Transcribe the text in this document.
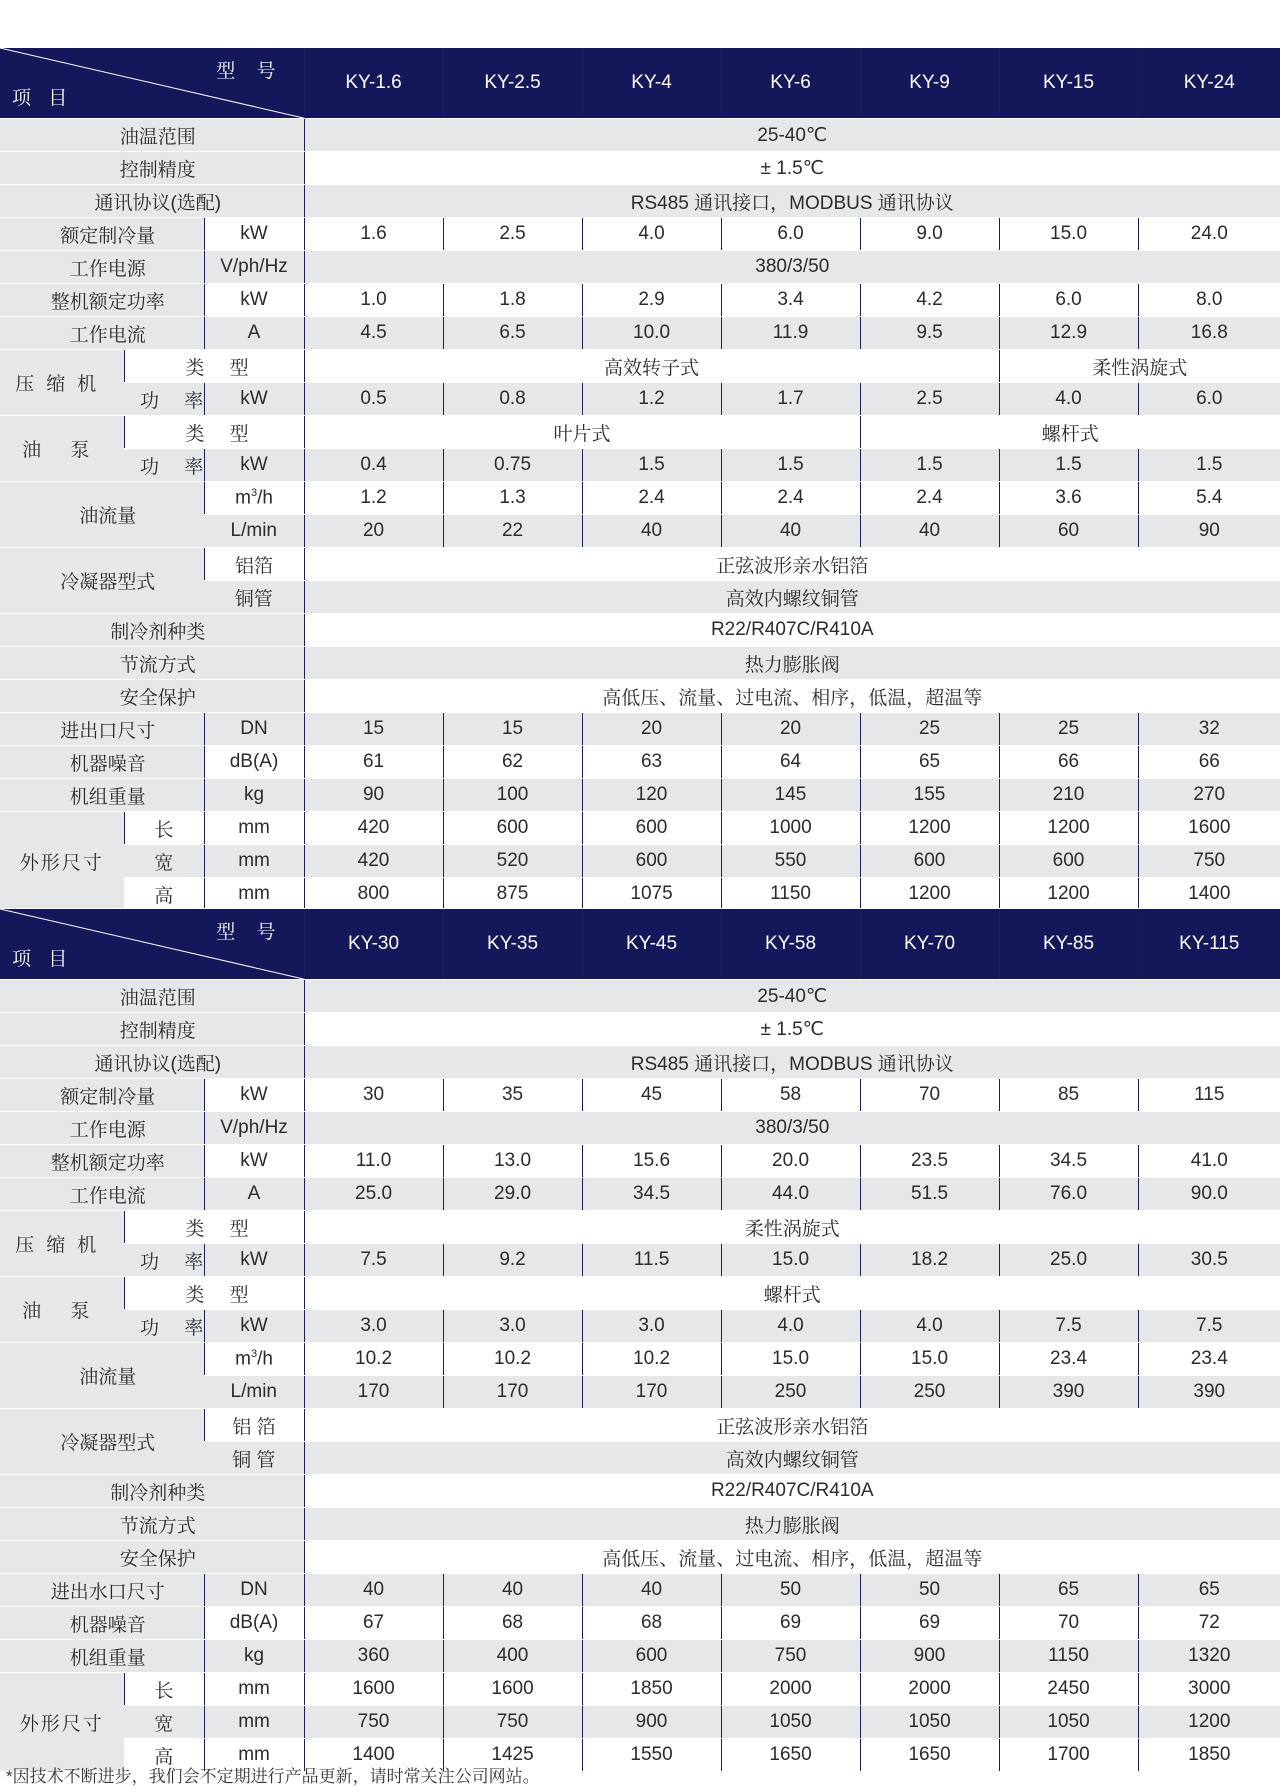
型 号
项 目			KY-1.6	KY-2.5	KY-4	KY-6	KY-9	KY-15	KY-24
油温范围			25-40℃						
控制精度			± 1.5℃						
通讯协议(选配)			RS485 通讯接口，MODBUS 通讯协议						
额定制冷量		kW	1.6	2.5	4.0	6.0	9.0	15.0	24.0
工作电源		V/ph/Hz	380/3/50						
整机额定功率		kW	1.0	1.8	2.9	3.4	4.2	6.0	8.0
工作电流		A	4.5	6.5	10.0	11.9	9.5	12.9	16.8
压缩机	类 型		高效转子式					柔性涡旋式	
	功 率	kW	0.5	0.8	1.2	1.7	2.5	4.0	6.0
油 泵	类 型		叶片式				螺杆式		
	功 率	kW	0.4	0.75	1.5	1.5	1.5	1.5	1.5
油流量		$m^3/h$	1.2	1.3	2.4	2.4	2.4	3.6	5.4
		L/min	20	22	40	40	40	60	90
冷凝器型式		铝箔	正弦波形亲水铝箔						
		铜管	高效内螺纹铜管						
制冷剂种类			R22/R407C/R410A						
节流方式			热力膨胀阀						
安全保护			高低压、流量、过电流、相序，低温，超温等						
进出口尺寸		DN	15	15	20	20	25	25	32
机器噪音		dB(A)	61	62	63	64	65	66	66
机组重量		kg	90	100	120	145	155	210	270
外形尺寸	长	mm	420	600	600	1000	1200	1200	1600
	宽	mm	420	520	600	550	600	600	750
	高	mm	800	875	1075	1150	1200	1200	1400
型 号
项 目			KY-30	KY-35	KY-45	KY-58	KY-70	KY-85	KY-115
油温范围			25-40℃						
控制精度			± 1.5℃						
通讯协议(选配)			RS485 通讯接口，MODBUS 通讯协议						
额定制冷量		kW	30	35	45	58	70	85	115
工作电源		V/ph/Hz	380/3/50						
整机额定功率		kW	11.0	13.0	15.6	20.0	23.5	34.5	41.0
工作电流		A	25.0	29.0	34.5	44.0	51.5	76.0	90.0
压缩机	类 型		柔性涡旋式						
	功 率	kW	7.5	9.2	11.5	15.0	18.2	25.0	30.5
油 泵	类 型		螺杆式						
	功 率	kW	3.0	3.0	3.0	4.0	4.0	7.5	7.5
油流量		$m^3/h$	10.2	10.2	10.2	15.0	15.0	23.4	23.4
		L/min	170	170	170	250	250	390	390
冷凝器型式		铝 箔	正弦波形亲水铝箔						
		铜 管	高效内螺纹铜管						
制冷剂种类			R22/R407C/R410A						
节流方式			热力膨胀阀						
安全保护			高低压、流量、过电流、相序，低温，超温等						
进出水口尺寸		DN	40	40	40	50	50	65	65
机器噪音		dB(A)	67	68	68	69	69	70	72
机组重量		kg	360	400	600	750	900	1150	1320
外形尺寸	长	mm	1600	1600	1850	2000	2000	2450	3000
	宽	mm	750	750	900	1050	1050	1050	1200
	高	mm	1400	1425	1550	1650	1650	1700	1850
*因技术不断进步，我们会不定期进行产品更新，请时常关注公司网站。
